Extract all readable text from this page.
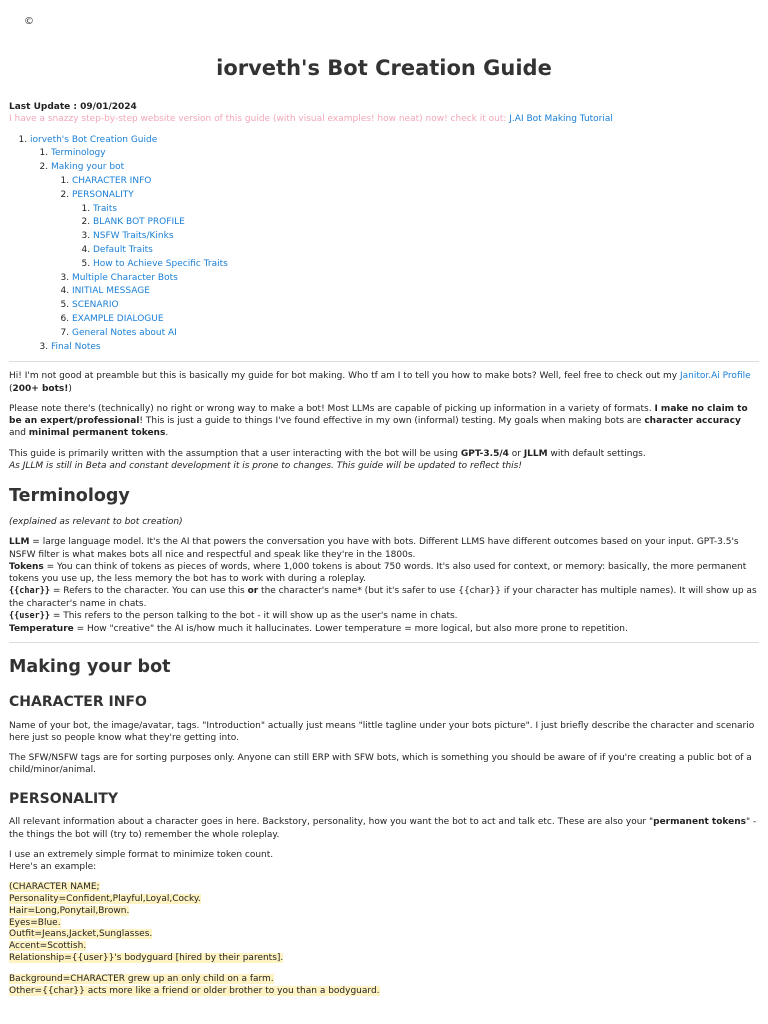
©
iorveth's Bot Creation Guide
Last Update : 09/01/2024
I have a snazzy step-by-step website version of this guide (with visual examples! how neat) now! check it out: J.AI Bot Making Tutorial
1. iorveth's Bot Creation Guide
1. Terminology
2. Making your bot
1. CHARACTER INFO
2. PERSONALITY
1. Traits
2. BLANK BOT PROFILE
3. NSFW Traits/Kinks
4. Default Traits
5. How to Achieve Specific Traits
3. Multiple Character Bots
4. INITIAL MESSAGE
5. SCENARIO
6. EXAMPLE DIALOGUE
7. General Notes about AI
3. Final Notes

Hi! I'm not good at preamble but this is basically my guide for bot making. Who tf am I to tell you how to make bots? Well, feel free to check out my Janitor.Ai Profile (200+ bots!)

Please note there's (technically) no right or wrong way to make a bot! Most LLMs are capable of picking up information in a variety of formats. I make no claim to be an expert/professional! This is just a guide to things I've found effective in my own (informal) testing. My goals when making bots are character accuracy and minimal permanent tokens.

This guide is primarily written with the assumption that a user interacting with the bot will be using GPT-3.5/4 or JLLM with default settings.

As JLLM is still in Beta and constant development it is prone to changes. This guide will be updated to reflect this!

Terminology

(explained as relevant to bot creation)

LLM = large language model. It's the AI that powers the conversation you have with bots. Different LLMS have different outcomes based on your input. GPT-3.5's NSFW filter is what makes bots all nice and respectful and speak like they're in the 1800s.
Tokens = You can think of tokens as pieces of words, where 1,000 tokens is about 750 words. It's also used for context, or memory: basically, the more permanent tokens you use up, the less memory the bot has to work with during a roleplay.
{{char}} = Refers to the character. You can use this or the character's name* (but it's safer to use {{char}} if your character has multiple names). It will show up as the character's name in chats.
{{user}} = This refers to the person talking to the bot - it will show up as the user's name in chats.
Temperature = How "creative" the AI is/how much it hallucinates. Lower temperature = more logical, but also more prone to repetition.
Making your bot
CHARACTER INFO

Name of your bot, the image/avatar, tags. "Introduction" actually just means "little tagline under your bots picture". I just briefly describe the character and scenario here just so people know what they're getting into.

The SFW/NSFW tags are for sorting purposes only. Anyone can still ERP with SFW bots, which is something you should be aware of if you're creating a public bot of a child/minor/animal.

PERSONALITY

All relevant information about a character goes in here. Backstory, personality, how you want the bot to act and talk etc. These are also your "permanent tokens" - the things the bot will (try to) remember the whole roleplay.

I use an extremely simple format to minimize token count.
Here's an example:

(CHARACTER NAME;
Personality=Confident,Playful,Loyal,Cocky.
Hair=Long,Ponytail,Brown.
Eyes=Blue.
Outfit=Jeans,Jacket,Sunglasses.
Accent=Scottish.
Relationship={{user}}'s bodyguard [hired by their parents].
Background=CHARACTER grew up an only child on a farm.
Other={{char}} acts more like a friend or older brother to you than a bodyguard.
